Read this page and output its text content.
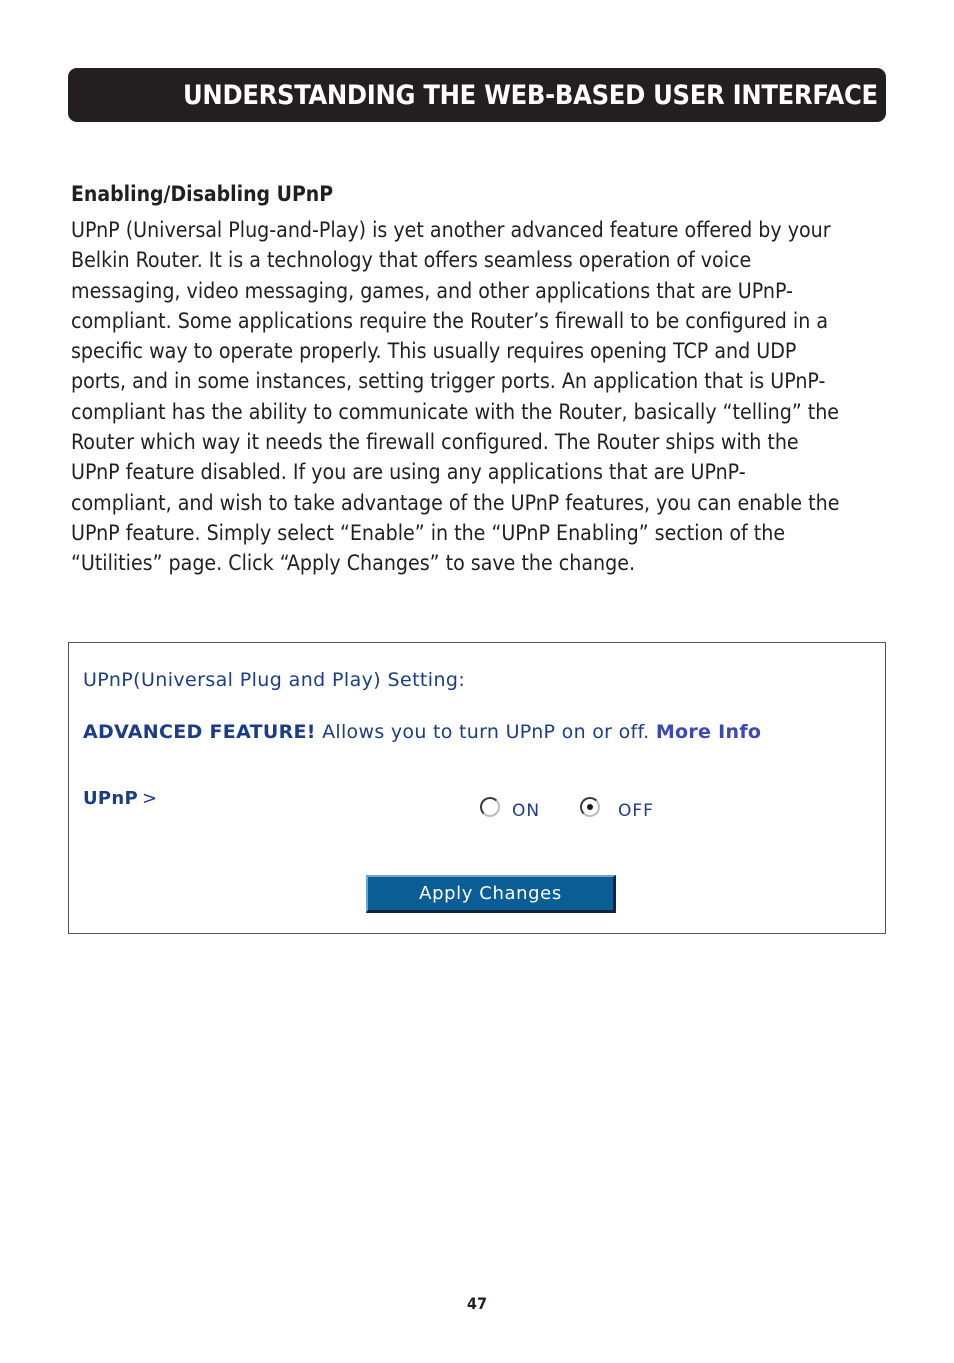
UNDERSTANDING THE WEB-BASED USER INTERFACE
Enabling/Disabling UPnP

UPnP (Universal Plug-and-Play) is yet another advanced feature offered by your
Belkin Router. It is a technology that offers seamless operation of voice
messaging, video messaging, games, and other applications that are UPnP-
compliant. Some applications require the Router’s firewall to be configured in a
specific way to operate properly. This usually requires opening TCP and UDP
ports, and in some instances, setting trigger ports. An application that is UPnP-
compliant has the ability to communicate with the Router, basically “telling” the
Router which way it needs the firewall configured. The Router ships with the
UPnP feature disabled. If you are using any applications that are UPnP-
compliant, and wish to take advantage of the UPnP features, you can enable the
UPnP feature. Simply select “Enable” in the “UPnP Enabling” section of the
“Utilities” page. Click “Apply Changes” to save the change.

UPnP(Universal Plug and Play) Setting:
ADVANCED FEATURE! Allows you to turn UPnP on or off. More Info
UPnP >
ON	OFF
Apply Changes
47
